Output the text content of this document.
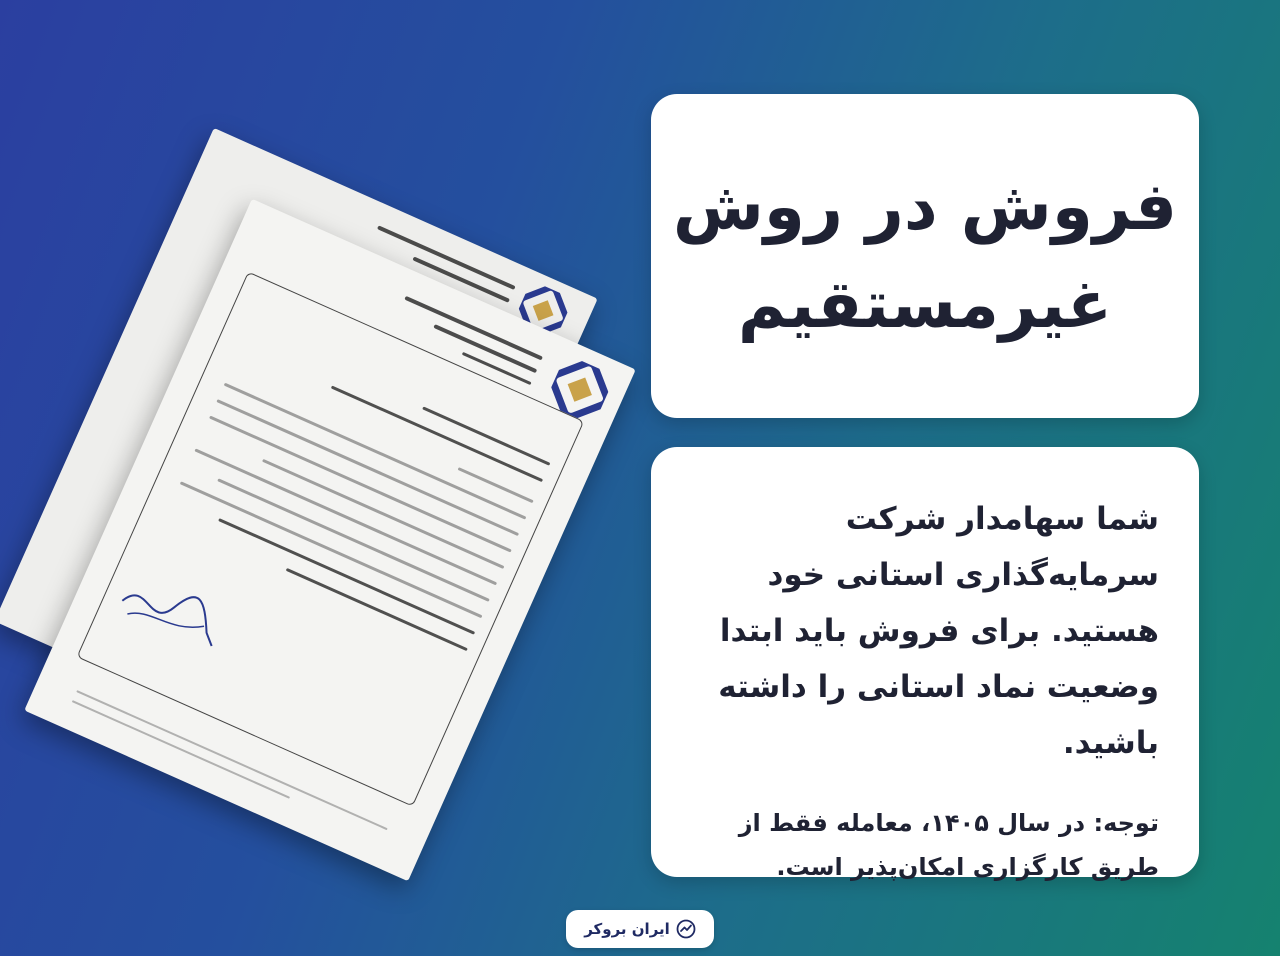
فروش در روش
غیرمستقیم

شما سهامدار شرکت سرمایه‌گذاری استانی خود هستید. برای فروش باید ابتدا وضعیت نماد استانی را داشته باشید.

توجه: در سال ۱۴۰۵، معامله فقط از طریق کارگزاری امکان‌پذیر است.

ایران بروکر
